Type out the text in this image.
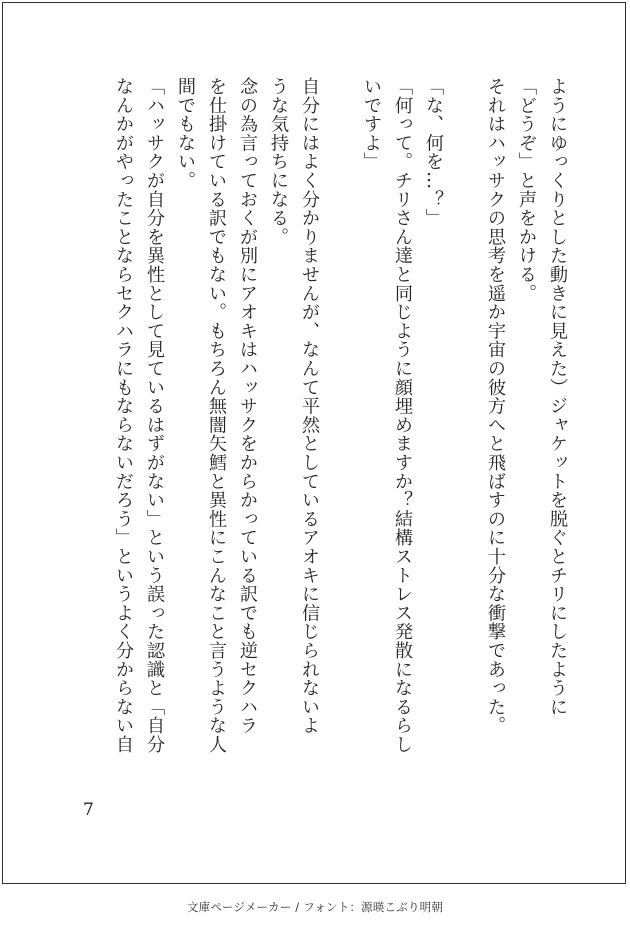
ようにゆっくりとした動きに見えた）ジャケットを脱ぐとチリにしたように
「どうぞ」と声をかける。
それはハッサクの思考を遥か宇宙の彼方へと飛ばすのに十分な衝撃であった。
「な、何を…？」
「何って。チリさん達と同じように顔埋めますか？結構ストレス発散になるらし
いですよ」
自分にはよく分かりませんが、なんて平然としているアオキに信じられないよ
うな気持ちになる。
念の為言っておくが別にアオキはハッサクをからかっている訳でも逆セクハラ
を仕掛けている訳でもない。もちろん無闇矢鱈と異性にこんなこと言うような人
間でもない。
「ハッサクが自分を異性として見ているはずがない」という誤った認識と「自分
なんかがやったことならセクハラにもならないだろう」というよく分からない自
7
文庫ページメーカー / フォント：源暎こぶり明朝
